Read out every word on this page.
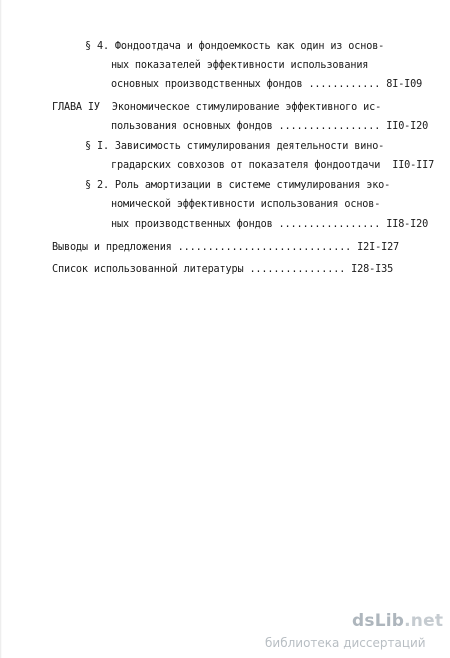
§ 4. Фондоотдача и фондоемкость как один из основ-
ных показателей эффективности использования
основных производственных фондов ............ 8I-I09
ГЛАВА IУ  Экономическое стимулирование эффективного ис-
пользования основных фондов ................. II0-I20
§ I. Зависимость стимулирования деятельности вино-
градарских совхозов от показателя фондоотдачи  II0-II7
§ 2. Роль амортизации в системе стимулирования эко-
номической эффективности использования основ-
ных производственных фондов ................. II8-I20
Выводы и предложения ............................. I2I-I27
Список использованной литературы ................ I28-I35
dsLib.net
библиотека диссертаций
